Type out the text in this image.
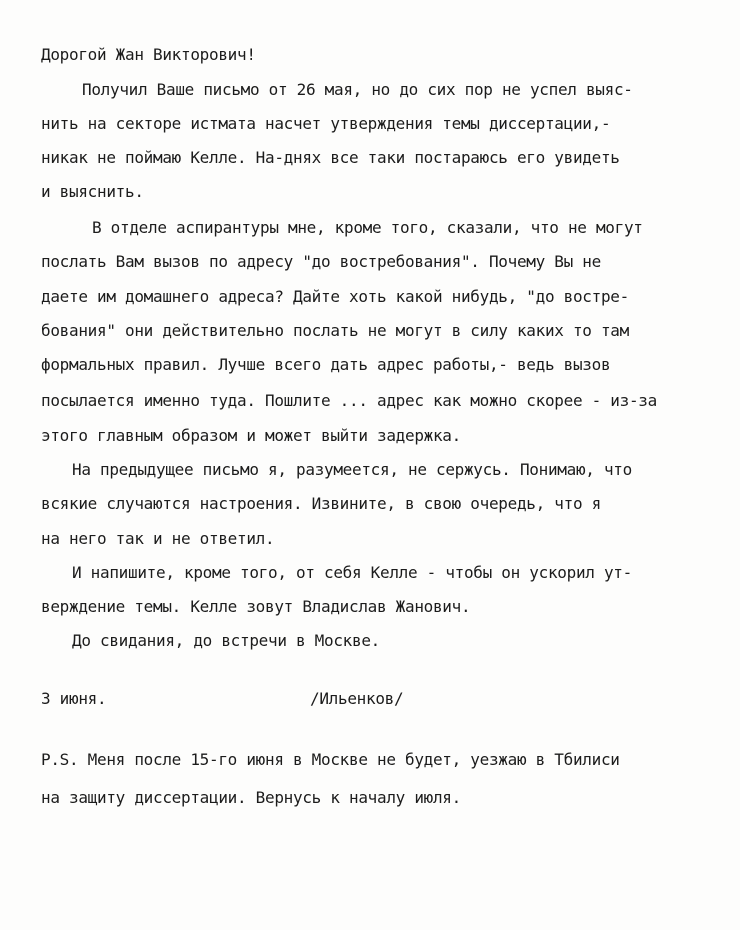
Дорогой Жан Викторович!
Получил Ваше письмо от 26 мая, но до сих пор не успел выяс-
нить на секторе истмата насчет утверждения темы диссертации,-
никак не поймаю Келле. На-днях все таки постараюсь его увидеть
и выяснить.
В отделе аспирантуры мне, кроме того, сказали, что не могут
послать Вам вызов по адресу "до востребования". Почему Вы не
даете им домашнего адреса? Дайте хоть какой нибудь, "до востре-
бования" они действительно послать не могут в силу каких то там
формальных правил. Лучше всего дать адрес работы,- ведь вызов
посылается именно туда. Пошлите ... адрес как можно скорее - из-за
этого главным образом и может выйти задержка.
На предыдущее письмо я, разумеется, не сержусь. Понимаю, что
всякие случаются настроения. Извините, в свою очередь, что я
на него так и не ответил.
И напишите, кроме того, от себя Келле - чтобы он ускорил ут-
верждение темы. Келле зовут Владислав Жанович.
До свидания, до встречи в Москве.
3 июня.	/Ильенков/
Р.S. Меня после 15-го июня в Москве не будет, уезжаю в Тбилиси
на защиту диссертации. Вернусь к началу июля.
